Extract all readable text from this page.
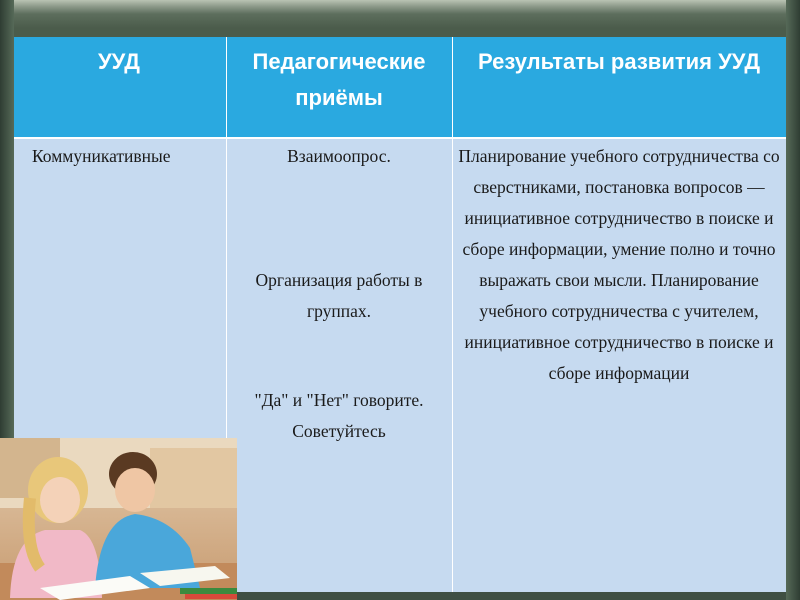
УУД	Педагогические приёмы
Результаты развития УУД
Коммуникативные	Взаимоопрос.
Организация работы в группах.
"Да" и "Нет" говорите. Советуйтесь
Планирование учебного сотрудничества со сверстниками, постановка вопросов — инициативное сотрудничество в поиске и сборе информации, умение полно и точно выражать свои мысли. Планирование учебного сотрудничества с учителем, инициативное сотрудничество в поиске и сборе информации
